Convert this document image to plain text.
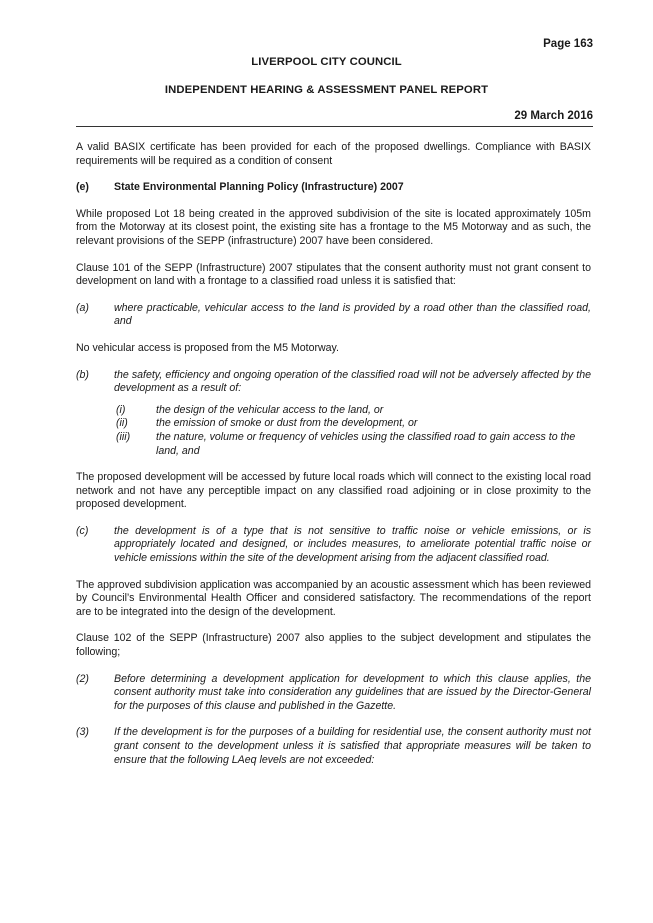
Page 163
LIVERPOOL CITY COUNCIL
INDEPENDENT HEARING & ASSESSMENT PANEL REPORT
29 March 2016

A valid BASIX certificate has been provided for each of the proposed dwellings. Compliance with BASIX requirements will be required as a condition of consent

(e)	State Environmental Planning Policy (Infrastructure) 2007

While proposed Lot 18 being created in the approved subdivision of the site is located approximately 105m from the Motorway at its closest point, the existing site has a frontage to the M5 Motorway and as such, the relevant provisions of the SEPP (infrastructure) 2007 have been considered.

Clause 101 of the SEPP (Infrastructure) 2007 stipulates that the consent authority must not grant consent to development on land with a frontage to a classified road unless it is satisfied that:

(a)	where practicable, vehicular access to the land is provided by a road other than the classified road, and

No vehicular access is proposed from the M5 Motorway.

(b)	the safety, efficiency and ongoing operation of the classified road will not be adversely affected by the development as a result of:
(i)	the design of the vehicular access to the land, or
(ii)	the emission of smoke or dust from the development, or
(iii)	the nature, volume or frequency of vehicles using the classified road to gain access to the land, and

The proposed development will be accessed by future local roads which will connect to the existing local road network and not have any perceptible impact on any classified road adjoining or in close proximity to the proposed development.

(c)	the development is of a type that is not sensitive to traffic noise or vehicle emissions, or is appropriately located and designed, or includes measures, to ameliorate potential traffic noise or vehicle emissions within the site of the development arising from the adjacent classified road.

The approved subdivision application was accompanied by an acoustic assessment which has been reviewed by Council’s Environmental Health Officer and considered satisfactory. The recommendations of the report are to be integrated into the design of the development.

Clause 102 of the SEPP (Infrastructure) 2007 also applies to the subject development and stipulates the following;

(2)	Before determining a development application for development to which this clause applies, the consent authority must take into consideration any guidelines that are issued by the Director-General for the purposes of this clause and published in the Gazette.
(3)	If the development is for the purposes of a building for residential use, the consent authority must not grant consent to the development unless it is satisfied that appropriate measures will be taken to ensure that the following LAeq levels are not exceeded:
